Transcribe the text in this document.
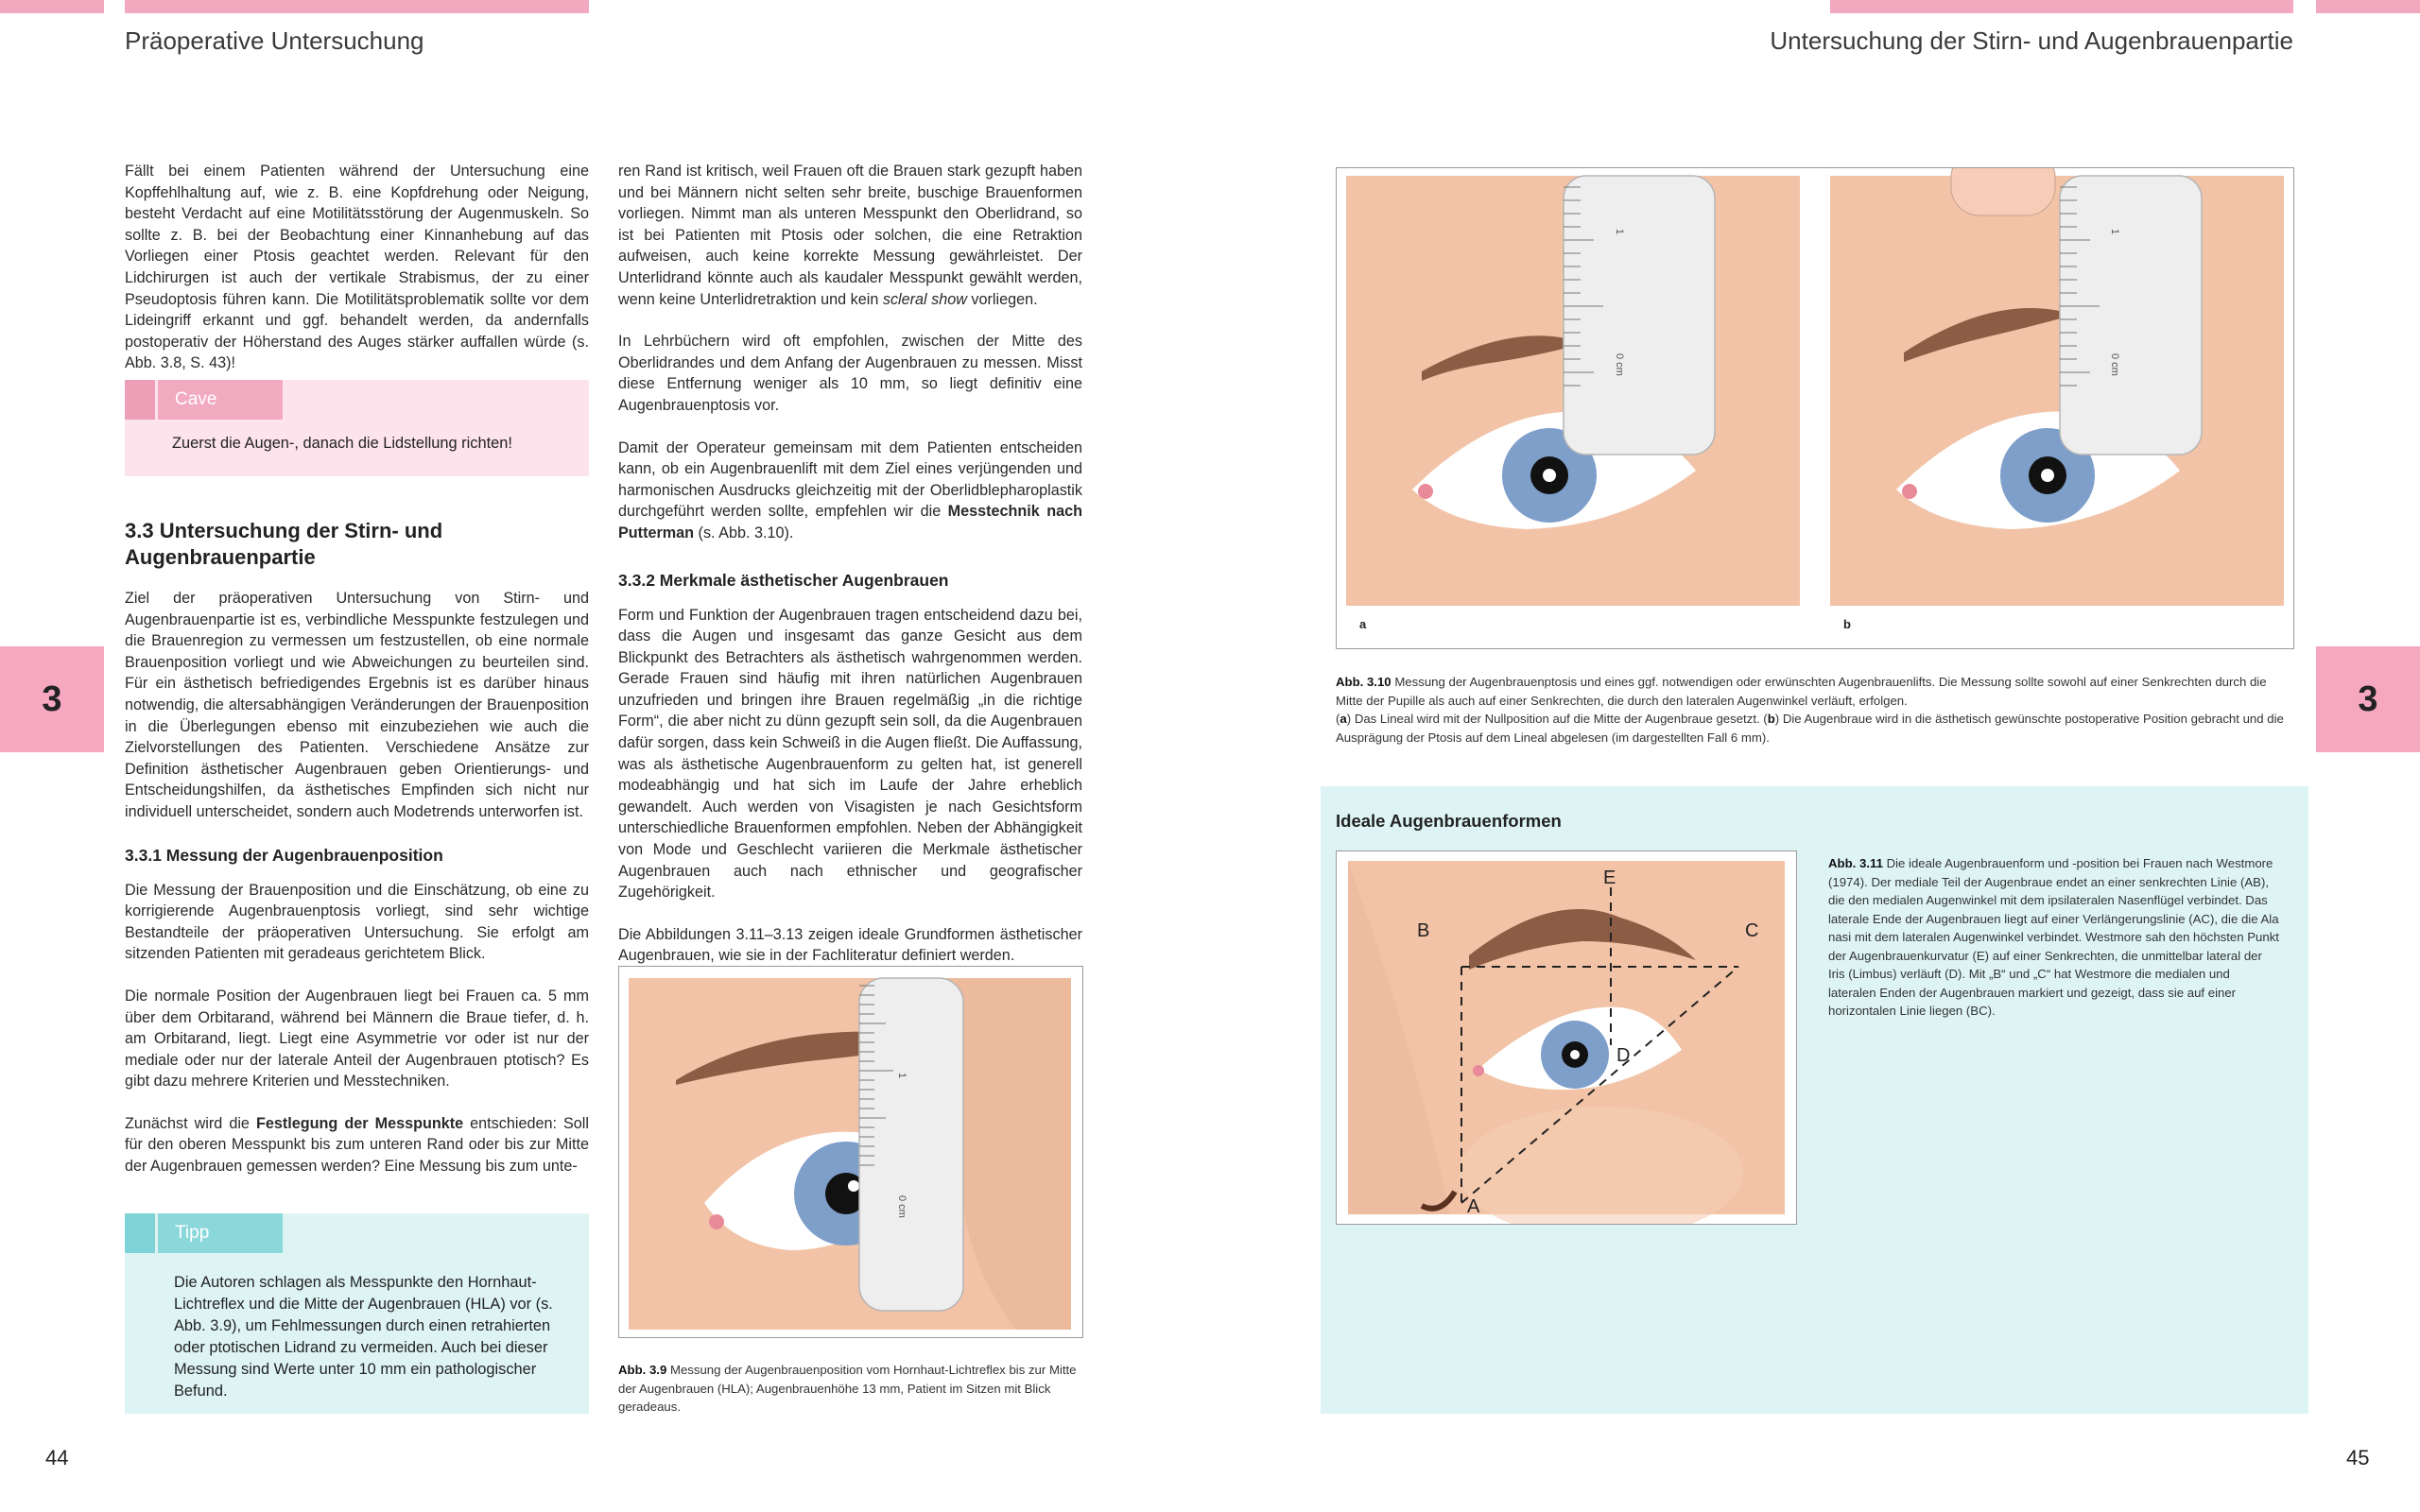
Präoperative Untersuchung	Untersuchung der Stirn- und Augenbrauenpartie
3	3
44	45

Fällt bei einem Patienten während der Untersuchung eine Kopffehlhaltung auf, wie z. B. eine Kopfdrehung oder Neigung, besteht Verdacht auf eine Motilitätsstörung der Augenmuskeln. So sollte z. B. bei der Beobachtung einer Kinnanhebung auf das Vorliegen einer Ptosis geachtet werden. Relevant für den Lidchirurgen ist auch der vertikale Strabismus, der zu einer Pseudoptosis führen kann. Die Motilitätsproblematik sollte vor dem Lideingriff erkannt und ggf. behandelt werden, da andernfalls postoperativ der Höherstand des Auges stärker auffallen würde (s. Abb. 3.8, S. 43)!

Cave
Zuerst die Augen-, danach die Lidstellung richten!
3.3 Untersuchung der Stirn- und Augenbrauenpartie

Ziel der präoperativen Untersuchung von Stirn- und Augenbrauenpartie ist es, verbindliche Messpunkte festzulegen und die Brauenregion zu vermessen um festzustellen, ob eine normale Brauenposition vorliegt und wie Abweichungen zu beurteilen sind. Für ein ästhetisch befriedigendes Ergebnis ist es darüber hinaus notwendig, die altersabhängigen Veränderungen der Brauenposition in die Überlegungen ebenso mit einzubeziehen wie auch die Zielvorstellungen des Patienten. Verschiedene Ansätze zur Definition ästhetischer Augenbrauen geben Orientierungs- und Entscheidungshilfen, da ästhetisches Empfinden sich nicht nur individuell unterscheidet, sondern auch Modetrends unterworfen ist.

3.3.1 Messung der Augenbrauenposition

Die Messung der Brauenposition und die Einschätzung, ob eine zu korrigierende Augenbrauenptosis vorliegt, sind sehr wichtige Bestandteile der präoperativen Untersuchung. Sie erfolgt am sitzenden Patienten mit geradeaus gerichtetem Blick.

Die normale Position der Augenbrauen liegt bei Frauen ca. 5 mm über dem Orbitarand, während bei Männern die Braue tiefer, d. h. am Orbitarand, liegt. Liegt eine Asymmetrie vor oder ist nur der mediale oder nur der laterale Anteil der Augenbrauen ptotisch? Es gibt dazu mehrere Kriterien und Messtechniken.

Zunächst wird die Festlegung der Messpunkte entschieden: Soll für den oberen Messpunkt bis zum unteren Rand oder bis zur Mitte der Augenbrauen gemessen werden? Eine Messung bis zum unte-

Tipp
Die Autoren schlagen als Messpunkte den Hornhaut-Lichtreflex und die Mitte der Augenbrauen (HLA) vor (s. Abb. 3.9), um Fehlmessungen durch einen retrahierten oder ptotischen Lidrand zu vermeiden. Auch bei dieser Messung sind Werte unter 10 mm ein pathologischer Befund.

ren Rand ist kritisch, weil Frauen oft die Brauen stark gezupft haben und bei Männern nicht selten sehr breite, buschige Brauenformen vorliegen. Nimmt man als unteren Messpunkt den Oberlidrand, so ist bei Patienten mit Ptosis oder solchen, die eine Retraktion aufweisen, auch keine korrekte Messung gewährleistet. Der Unterlidrand könnte auch als kaudaler Messpunkt gewählt werden, wenn keine Unterlidretraktion und kein scleral show vorliegen.

In Lehrbüchern wird oft empfohlen, zwischen der Mitte des Oberlidrandes und dem Anfang der Augenbrauen zu messen. Misst diese Entfernung weniger als 10 mm, so liegt definitiv eine Augenbrauenptosis vor.

Damit der Operateur gemeinsam mit dem Patienten entscheiden kann, ob ein Augenbrauenlift mit dem Ziel eines verjüngenden und harmonischen Ausdrucks gleichzeitig mit der Oberlidblepharoplastik durchgeführt werden sollte, empfehlen wir die Messtechnik nach Putterman (s. Abb. 3.10).

3.3.2 Merkmale ästhetischer Augenbrauen

Form und Funktion der Augenbrauen tragen entscheidend dazu bei, dass die Augen und insgesamt das ganze Gesicht aus dem Blickpunkt des Betrachters als ästhetisch wahrgenommen werden. Gerade Frauen sind häufig mit ihren natürlichen Augenbrauen unzufrieden und bringen ihre Brauen regelmäßig „in die richtige Form“, die aber nicht zu dünn gezupft sein soll, da die Augenbrauen dafür sorgen, dass kein Schweiß in die Augen fließt. Die Auffassung, was als ästhetische Augenbrauenform zu gelten hat, ist generell modeabhängig und hat sich im Laufe der Jahre erheblich gewandelt. Auch werden von Visagisten je nach Gesichtsform unterschiedliche Brauenformen empfohlen. Neben der Abhängigkeit von Mode und Geschlecht variieren die Merkmale ästhetischer Augenbrauen auch nach ethnischer und geografischer Zugehörigkeit.

Die Abbildungen 3.11–3.13 zeigen ideale Grundformen ästhetischer Augenbrauen, wie sie in der Fachliteratur definiert werden.

1
0 cm
Abb. 3.9 Messung der Augenbrauenposition vom Hornhaut-Lichtreflex bis zur Mitte der Augenbrauen (HLA); Augenbrauenhöhe 13 mm, Patient im Sitzen mit Blick geradeaus.
1
0 cm
a
1
0 cm
b
Abb. 3.10 Messung der Augenbrauenptosis und eines ggf. notwendigen oder erwünschten Augenbrauenlifts. Die Messung sollte sowohl auf einer Senkrechten durch die Mitte der Pupille als auch auf einer Senkrechten, die durch den lateralen Augenwinkel verläuft, erfolgen.
(a) Das Lineal wird mit der Nullposition auf die Mitte der Augenbraue gesetzt. (b) Die Augenbraue wird in die ästhetisch gewünschte postoperative Position gebracht und die Ausprägung der Ptosis auf dem Lineal abgelesen (im dargestellten Fall 6 mm).
Ideale Augenbrauenformen
B	C
E
D
A
Abb. 3.11 Die ideale Augenbrauenform und -position bei Frauen nach Westmore (1974). Der mediale Teil der Augenbraue endet an einer senkrechten Linie (AB), die den medialen Augenwinkel mit dem ipsilateralen Nasenflügel verbindet. Das laterale Ende der Augenbrauen liegt auf einer Verlängerungslinie (AC), die die Ala nasi mit dem lateralen Augenwinkel verbindet. Westmore sah den höchsten Punkt der Augenbrauenkurvatur (E) auf einer Senkrechten, die unmittelbar lateral der Iris (Limbus) verläuft (D). Mit „B“ und „C“ hat Westmore die medialen und lateralen Enden der Augenbrauen markiert und gezeigt, dass sie auf einer horizontalen Linie liegen (BC).
